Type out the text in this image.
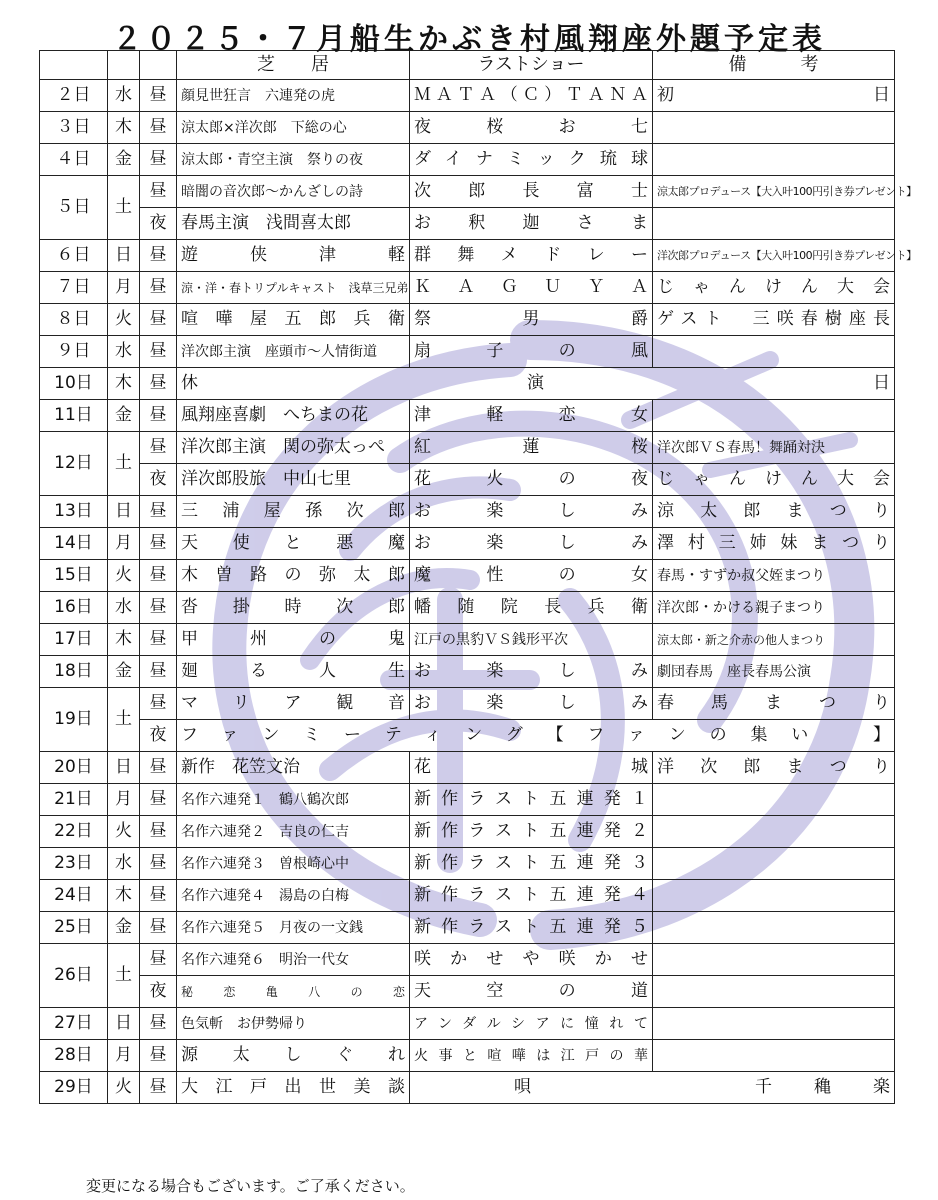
２０２５・７月船生かぶき村風翔座外題予定表
			芝　　居	ラストショー	備　　　考
２日	水	昼	顔見世狂言　六連発の虎	ＭＡＴＡ（Ｃ）ＴＡＮＡ	初　　　　　　日
３日	木	昼	涼太郎×洋次郎　下総の心	夜桜お七	
４日	金	昼	涼太郎・青空主演　祭りの夜	ダイナミック琉球	
５日	土	昼	暗闇の音次郎～かんざしの詩	次郎長富士	涼太郎プロデュース【大入叶100円引き券プレゼント】
		夜	春馬主演　浅間喜太郎	お釈迦さま	
６日	日	昼	遊侠津軽	群舞メドレー	洋次郎プロデュース【大入叶100円引き券プレゼント】
７日	月	昼	涼・洋・春トリプルキャスト　浅草三兄弟	ＫＡＧＵＹＡ	じゃんけん大会
８日	火	昼	喧嘩屋五郎兵衛	祭男爵	ゲスト　三咲春樹座長
９日	水	昼	洋次郎主演　座頭市～人情街道	扇子の風	
10日	木	昼	休 演 日		

11日	金	昼	風翔座喜劇　へちまの花	津軽恋女	
12日	土	昼	洋次郎主演　関の弥太っぺ	紅蓮桜	洋次郎ＶＳ春馬！舞踊対決
		夜	洋次郎股旅　中山七里	花火の夜	じゃんけん大会
13日	日	昼	三浦屋孫次郎	お楽しみ	涼太郎まつり
14日	月	昼	天使と悪魔	お楽しみ	澤村三姉妹まつり
15日	火	昼	木曽路の弥太郎	魔性の女	春馬・すずか叔父姪まつり
16日	水	昼	沓掛時次郎	幡随院長兵衛	洋次郎・かける親子まつり
17日	木	昼	甲州の鬼	江戸の黒豹ＶＳ銭形平次	涼太郎・新之介赤の他人まつり
18日	金	昼	廻る人生	お楽しみ	劇団春馬　座長春馬公演
19日	土	昼	マリア観音	お楽しみ	春馬まつり
		夜	ファンミーティング【ファンの集い　】		
20日	日	昼	新作　花笠文治	花城	洋次郎まつり
21日	月	昼	名作六連発１　鶴八鶴次郎	新作ラスト五連発１	
22日	火	昼	名作六連発２　吉良の仁吉	新作ラスト五連発２	
23日	水	昼	名作六連発３　曽根崎心中	新作ラスト五連発３	
24日	木	昼	名作六連発４　湯島の白梅	新作ラスト五連発４	
25日	金	昼	名作六連発５　月夜の一文銭	新作ラスト五連発５	
26日	土	昼	名作六連発６　明治一代女	咲かせや咲かせ	
		夜	秘恋亀八の恋	天空の道	
27日	日	昼	色気斬　お伊勢帰り	アンダルシアに憧れて	
28日	月	昼	源太しぐれ	火事と喧嘩は江戸の華	
29日	火	昼	大江戸出世美談	唄 千穐楽	
変更になる場合もございます。ご了承ください。
